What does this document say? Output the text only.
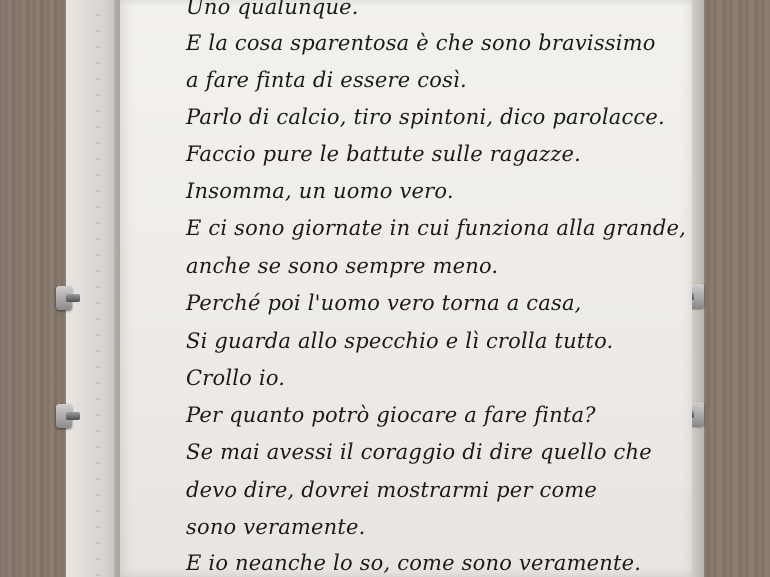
Uno qualunque.
E la cosa sparentosa è che sono bravissimo
a fare finta di essere così.
Parlo di calcio, tiro spintoni, dico parolacce.
Faccio pure le battute sulle ragazze.
Insomma, un uomo vero.
E ci sono giornate in cui funziona alla grande,
anche se sono sempre meno.
Perché poi l'uomo vero torna a casa,
Si guarda allo specchio e lì crolla tutto.
Crollo io.
Per quanto potrò giocare a fare finta?
Se mai avessi il coraggio di dire quello che
devo dire, dovrei mostrarmi per come
sono veramente.
E io neanche lo so, come sono veramente.
